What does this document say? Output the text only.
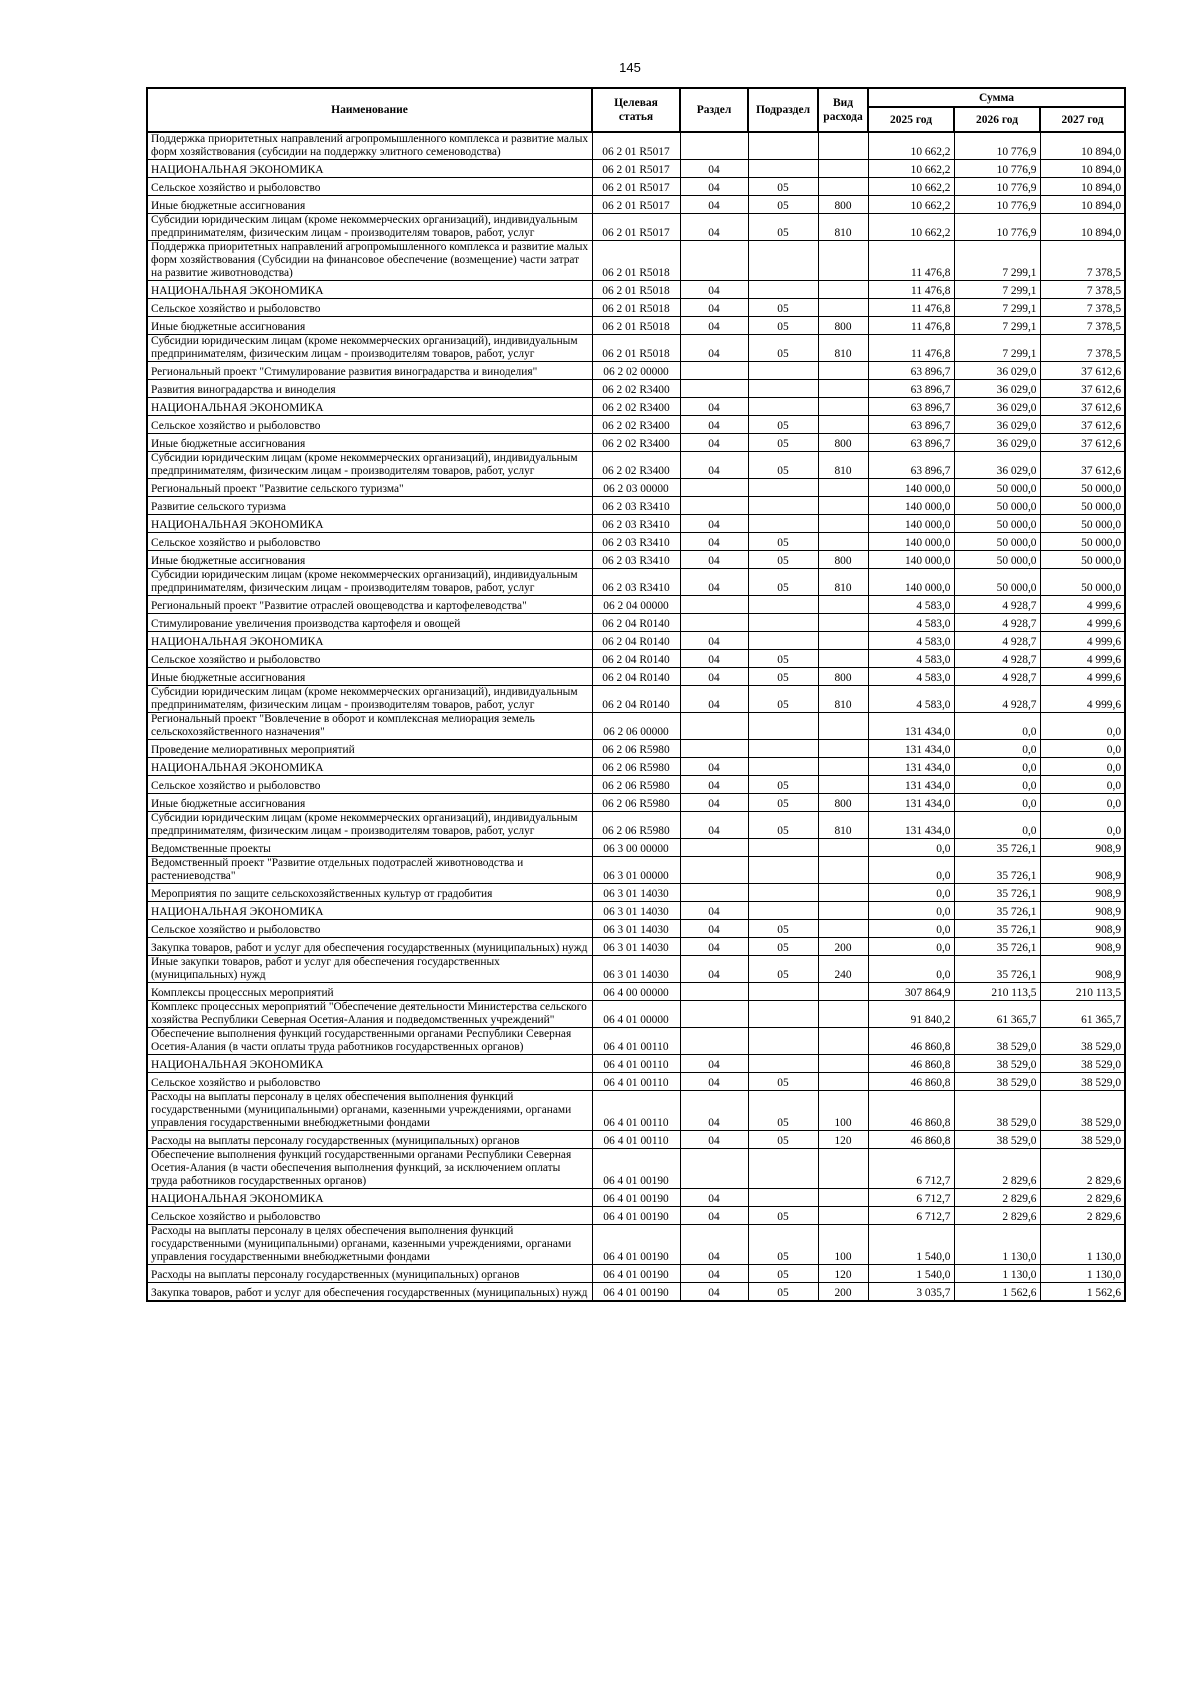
145
Наименование	Целевая статья	Раздел	Подраздел	Вид расхода	Сумма		
					2025 год	2026 год	2027 год
Поддержка приоритетных направлений агропромышленного комплекса и развитие малых форм хозяйствования (субсидии на поддержку элитного семеноводства)	06 2 01 R5017				10 662,2	10 776,9	10 894,0
НАЦИОНАЛЬНАЯ ЭКОНОМИКА	06 2 01 R5017	04			10 662,2	10 776,9	10 894,0
Сельское хозяйство и рыболовство	06 2 01 R5017	04	05		10 662,2	10 776,9	10 894,0
Иные бюджетные ассигнования	06 2 01 R5017	04	05	800	10 662,2	10 776,9	10 894,0
Субсидии юридическим лицам (кроме некоммерческих организаций), индивидуальным предпринимателям, физическим лицам - производителям товаров, работ, услуг	06 2 01 R5017	04	05	810	10 662,2	10 776,9	10 894,0
Поддержка приоритетных направлений агропромышленного комплекса и развитие малых форм хозяйствования (Субсидии на финансовое обеспечение (возмещение) части затрат на развитие животноводства)	06 2 01 R5018				11 476,8	7 299,1	7 378,5
НАЦИОНАЛЬНАЯ ЭКОНОМИКА	06 2 01 R5018	04			11 476,8	7 299,1	7 378,5
Сельское хозяйство и рыболовство	06 2 01 R5018	04	05		11 476,8	7 299,1	7 378,5
Иные бюджетные ассигнования	06 2 01 R5018	04	05	800	11 476,8	7 299,1	7 378,5
Субсидии юридическим лицам (кроме некоммерческих организаций), индивидуальным предпринимателям, физическим лицам - производителям товаров, работ, услуг	06 2 01 R5018	04	05	810	11 476,8	7 299,1	7 378,5
Региональный проект "Стимулирование развития виноградарства и виноделия"	06 2 02 00000				63 896,7	36 029,0	37 612,6
Развития виноградарства и виноделия	06 2 02 R3400				63 896,7	36 029,0	37 612,6
НАЦИОНАЛЬНАЯ ЭКОНОМИКА	06 2 02 R3400	04			63 896,7	36 029,0	37 612,6
Сельское хозяйство и рыболовство	06 2 02 R3400	04	05		63 896,7	36 029,0	37 612,6
Иные бюджетные ассигнования	06 2 02 R3400	04	05	800	63 896,7	36 029,0	37 612,6
Субсидии юридическим лицам (кроме некоммерческих организаций), индивидуальным предпринимателям, физическим лицам - производителям товаров, работ, услуг	06 2 02 R3400	04	05	810	63 896,7	36 029,0	37 612,6
Региональный проект "Развитие сельского туризма"	06 2 03 00000				140 000,0	50 000,0	50 000,0
Развитие сельского туризма	06 2 03 R3410				140 000,0	50 000,0	50 000,0
НАЦИОНАЛЬНАЯ ЭКОНОМИКА	06 2 03 R3410	04			140 000,0	50 000,0	50 000,0
Сельское хозяйство и рыболовство	06 2 03 R3410	04	05		140 000,0	50 000,0	50 000,0
Иные бюджетные ассигнования	06 2 03 R3410	04	05	800	140 000,0	50 000,0	50 000,0
Субсидии юридическим лицам (кроме некоммерческих организаций), индивидуальным предпринимателям, физическим лицам - производителям товаров, работ, услуг	06 2 03 R3410	04	05	810	140 000,0	50 000,0	50 000,0
Региональный проект "Развитие отраслей овощеводства и картофелеводства"	06 2 04 00000				4 583,0	4 928,7	4 999,6
Стимулирование увеличения производства картофеля и овощей	06 2 04 R0140				4 583,0	4 928,7	4 999,6
НАЦИОНАЛЬНАЯ ЭКОНОМИКА	06 2 04 R0140	04			4 583,0	4 928,7	4 999,6
Сельское хозяйство и рыболовство	06 2 04 R0140	04	05		4 583,0	4 928,7	4 999,6
Иные бюджетные ассигнования	06 2 04 R0140	04	05	800	4 583,0	4 928,7	4 999,6
Субсидии юридическим лицам (кроме некоммерческих организаций), индивидуальным предпринимателям, физическим лицам - производителям товаров, работ, услуг	06 2 04 R0140	04	05	810	4 583,0	4 928,7	4 999,6
Региональный проект "Вовлечение в оборот и комплексная мелиорация земель сельскохозяйственного назначения"	06 2 06 00000				131 434,0	0,0	0,0
Проведение мелиоративных мероприятий	06 2 06 R5980				131 434,0	0,0	0,0
НАЦИОНАЛЬНАЯ ЭКОНОМИКА	06 2 06 R5980	04			131 434,0	0,0	0,0
Сельское хозяйство и рыболовство	06 2 06 R5980	04	05		131 434,0	0,0	0,0
Иные бюджетные ассигнования	06 2 06 R5980	04	05	800	131 434,0	0,0	0,0
Субсидии юридическим лицам (кроме некоммерческих организаций), индивидуальным предпринимателям, физическим лицам - производителям товаров, работ, услуг	06 2 06 R5980	04	05	810	131 434,0	0,0	0,0
Ведомственные проекты	06 3 00 00000				0,0	35 726,1	908,9
Ведомственный проект "Развитие отдельных подотраслей животноводства и растениеводства"	06 3 01 00000				0,0	35 726,1	908,9
Мероприятия по защите сельскохозяйственных культур от градобития	06 3 01 14030				0,0	35 726,1	908,9
НАЦИОНАЛЬНАЯ ЭКОНОМИКА	06 3 01 14030	04			0,0	35 726,1	908,9
Сельское хозяйство и рыболовство	06 3 01 14030	04	05		0,0	35 726,1	908,9
Закупка товаров, работ и услуг для обеспечения государственных (муниципальных) нужд	06 3 01 14030	04	05	200	0,0	35 726,1	908,9
Иные закупки товаров, работ и услуг для обеспечения государственных (муниципальных) нужд	06 3 01 14030	04	05	240	0,0	35 726,1	908,9
Комплексы процессных мероприятий	06 4 00 00000				307 864,9	210 113,5	210 113,5
Комплекс процессных мероприятий "Обеспечение деятельности Министерства сельского хозяйства Республики Северная Осетия-Алания и подведомственных учреждений"	06 4 01 00000				91 840,2	61 365,7	61 365,7
Обеспечение выполнения функций государственными органами Республики Северная Осетия-Алания (в части оплаты труда работников государственных органов)	06 4 01 00110				46 860,8	38 529,0	38 529,0
НАЦИОНАЛЬНАЯ ЭКОНОМИКА	06 4 01 00110	04			46 860,8	38 529,0	38 529,0
Сельское хозяйство и рыболовство	06 4 01 00110	04	05		46 860,8	38 529,0	38 529,0
Расходы на выплаты персоналу в целях обеспечения выполнения функций государственными (муниципальными) органами, казенными учреждениями, органами управления государственными внебюджетными фондами	06 4 01 00110	04	05	100	46 860,8	38 529,0	38 529,0
Расходы на выплаты персоналу государственных (муниципальных) органов	06 4 01 00110	04	05	120	46 860,8	38 529,0	38 529,0
Обеспечение выполнения функций государственными органами Республики Северная Осетия-Алания (в части обеспечения выполнения функций, за исключением оплаты труда работников государственных органов)	06 4 01 00190				6 712,7	2 829,6	2 829,6
НАЦИОНАЛЬНАЯ ЭКОНОМИКА	06 4 01 00190	04			6 712,7	2 829,6	2 829,6
Сельское хозяйство и рыболовство	06 4 01 00190	04	05		6 712,7	2 829,6	2 829,6
Расходы на выплаты персоналу в целях обеспечения выполнения функций государственными (муниципальными) органами, казенными учреждениями, органами управления государственными внебюджетными фондами	06 4 01 00190	04	05	100	1 540,0	1 130,0	1 130,0
Расходы на выплаты персоналу государственных (муниципальных) органов	06 4 01 00190	04	05	120	1 540,0	1 130,0	1 130,0
Закупка товаров, работ и услуг для обеспечения государственных (муниципальных) нужд	06 4 01 00190	04	05	200	3 035,7	1 562,6	1 562,6
